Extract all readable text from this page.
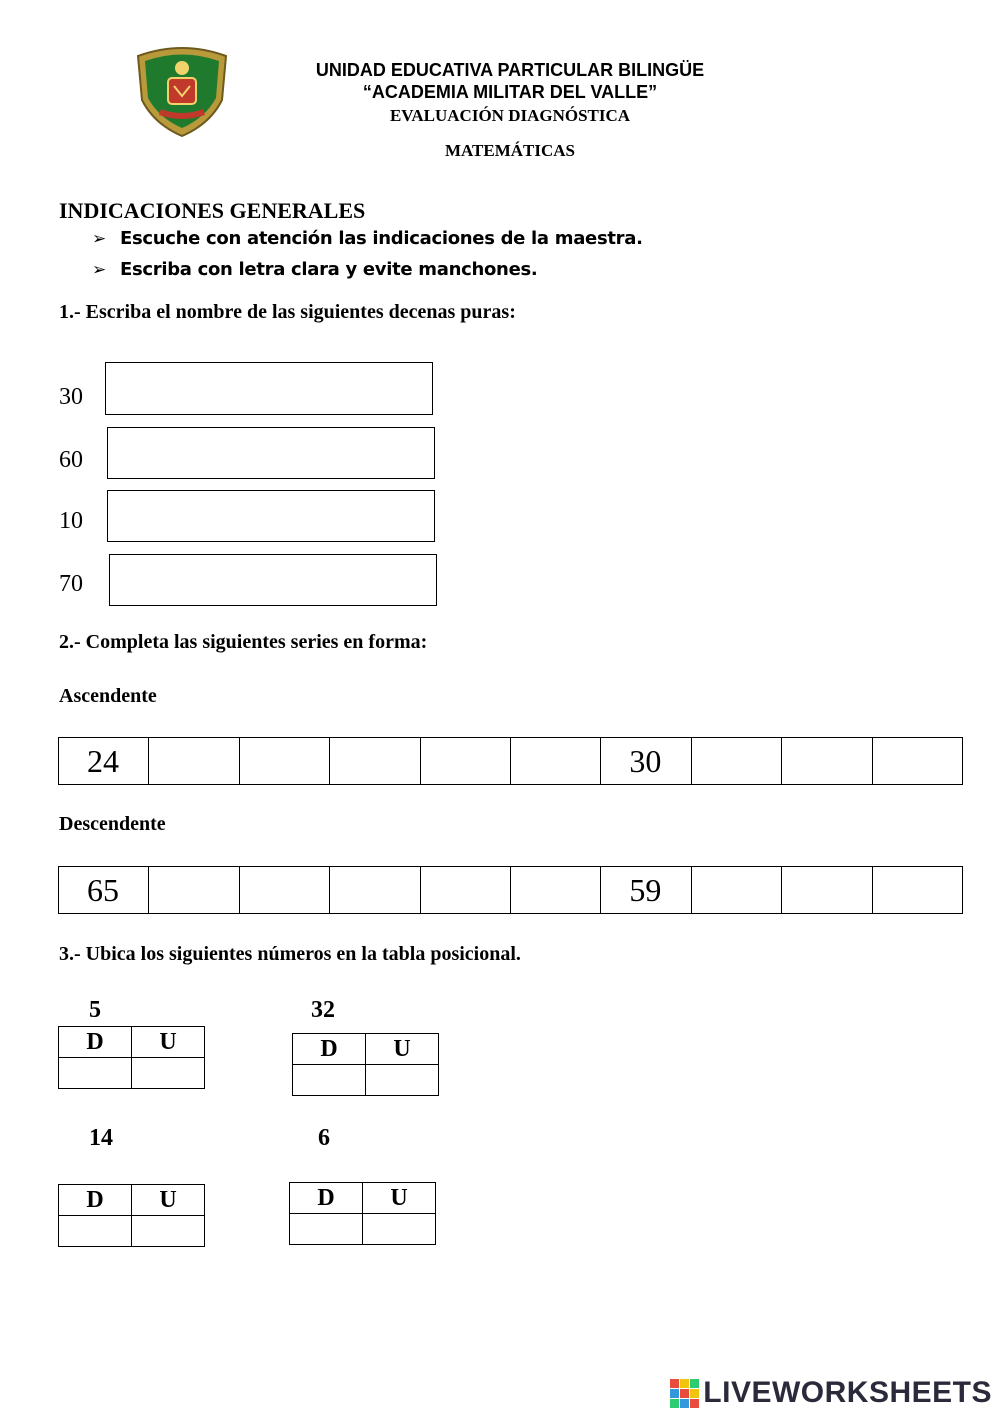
UNIDAD EDUCATIVA PARTICULAR BILINGÜE
“ACADEMIA MILITAR DEL VALLE”
EVALUACIÓN DIAGNÓSTICA
MATEMÁTICAS
INDICACIONES GENERALES
➢ Escuche con atención las indicaciones de la maestra.
➢ Escriba con letra clara y evite manchones.
1.- Escriba el nombre de las siguientes decenas puras:
30
60
10
70
2.- Completa las siguientes series en forma:
Ascendente
24						30			
Descendente
65						59			
3.- Ubica los siguientes números en la tabla posicional.
5
D	U

32
D	U

14
D	U

6
D	U

LIVEWORKSHEETS
